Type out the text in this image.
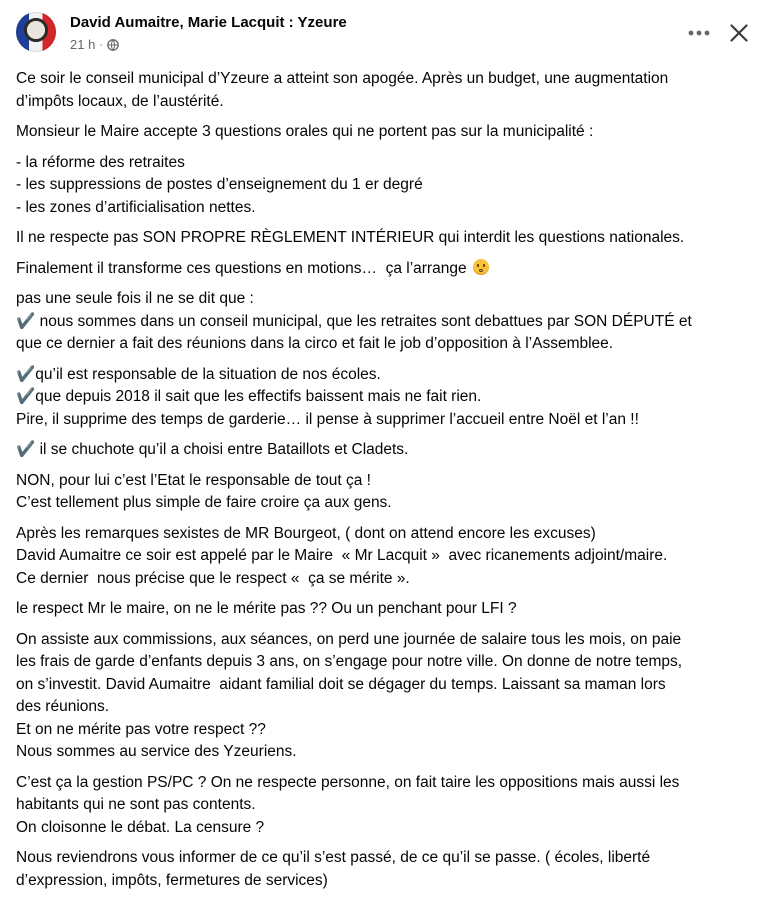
David Aumaitre, Marie Lacquit : Yzeure
21 h ·
Ce soir le conseil municipal d’Yzeure a atteint son apogée. Après un budget, une augmentation
d’impôts locaux, de l’austérité.
Monsieur le Maire accepte 3 questions orales qui ne portent pas sur la municipalité :
- la réforme des retraites
- les suppressions de postes d’enseignement du 1 er degré
- les zones d’artificialisation nettes.
Il ne respecte pas SON PROPRE RÈGLEMENT INTÉRIEUR qui interdit les questions nationales.
Finalement il transforme ces questions en motions…  ça l’arrange
pas une seule fois il ne se dit que :
✔️ nous sommes dans un conseil municipal, que les retraites sont debattues par SON DÉPUTÉ et
que ce dernier a fait des réunions dans la circo et fait le job d’opposition à l’Assemblee.
✔️qu’il est responsable de la situation de nos écoles.
✔️que depuis 2018 il sait que les effectifs baissent mais ne fait rien.
Pire, il supprime des temps de garderie… il pense à supprimer l’accueil entre Noël et l’an !!
✔️ il se chuchote qu’il a choisi entre Bataillots et Cladets.
NON, pour lui c’est l’Etat le responsable de tout ça !
C’est tellement plus simple de faire croire ça aux gens.
Après les remarques sexistes de MR Bourgeot, ( dont on attend encore les excuses)
David Aumaitre ce soir est appelé par le Maire  « Mr Lacquit »  avec ricanements adjoint/maire.
Ce dernier  nous précise que le respect «  ça se mérite ».
le respect Mr le maire, on ne le mérite pas ?? Ou un penchant pour LFI ?
On assiste aux commissions, aux séances, on perd une journée de salaire tous les mois, on paie
les frais de garde d’enfants depuis 3 ans, on s’engage pour notre ville. On donne de notre temps,
on s’investit. David Aumaitre  aidant familial doit se dégager du temps. Laissant sa maman lors
des réunions.
Et on ne mérite pas votre respect ??
Nous sommes au service des Yzeuriens.
C’est ça la gestion PS/PC ? On ne respecte personne, on fait taire les oppositions mais aussi les
habitants qui ne sont pas contents.
On cloisonne le débat. La censure ?
Nous reviendrons vous informer de ce qu’il s’est passé, de ce qu’il se passe. ( écoles, liberté
d’expression, impôts, fermetures de services)
